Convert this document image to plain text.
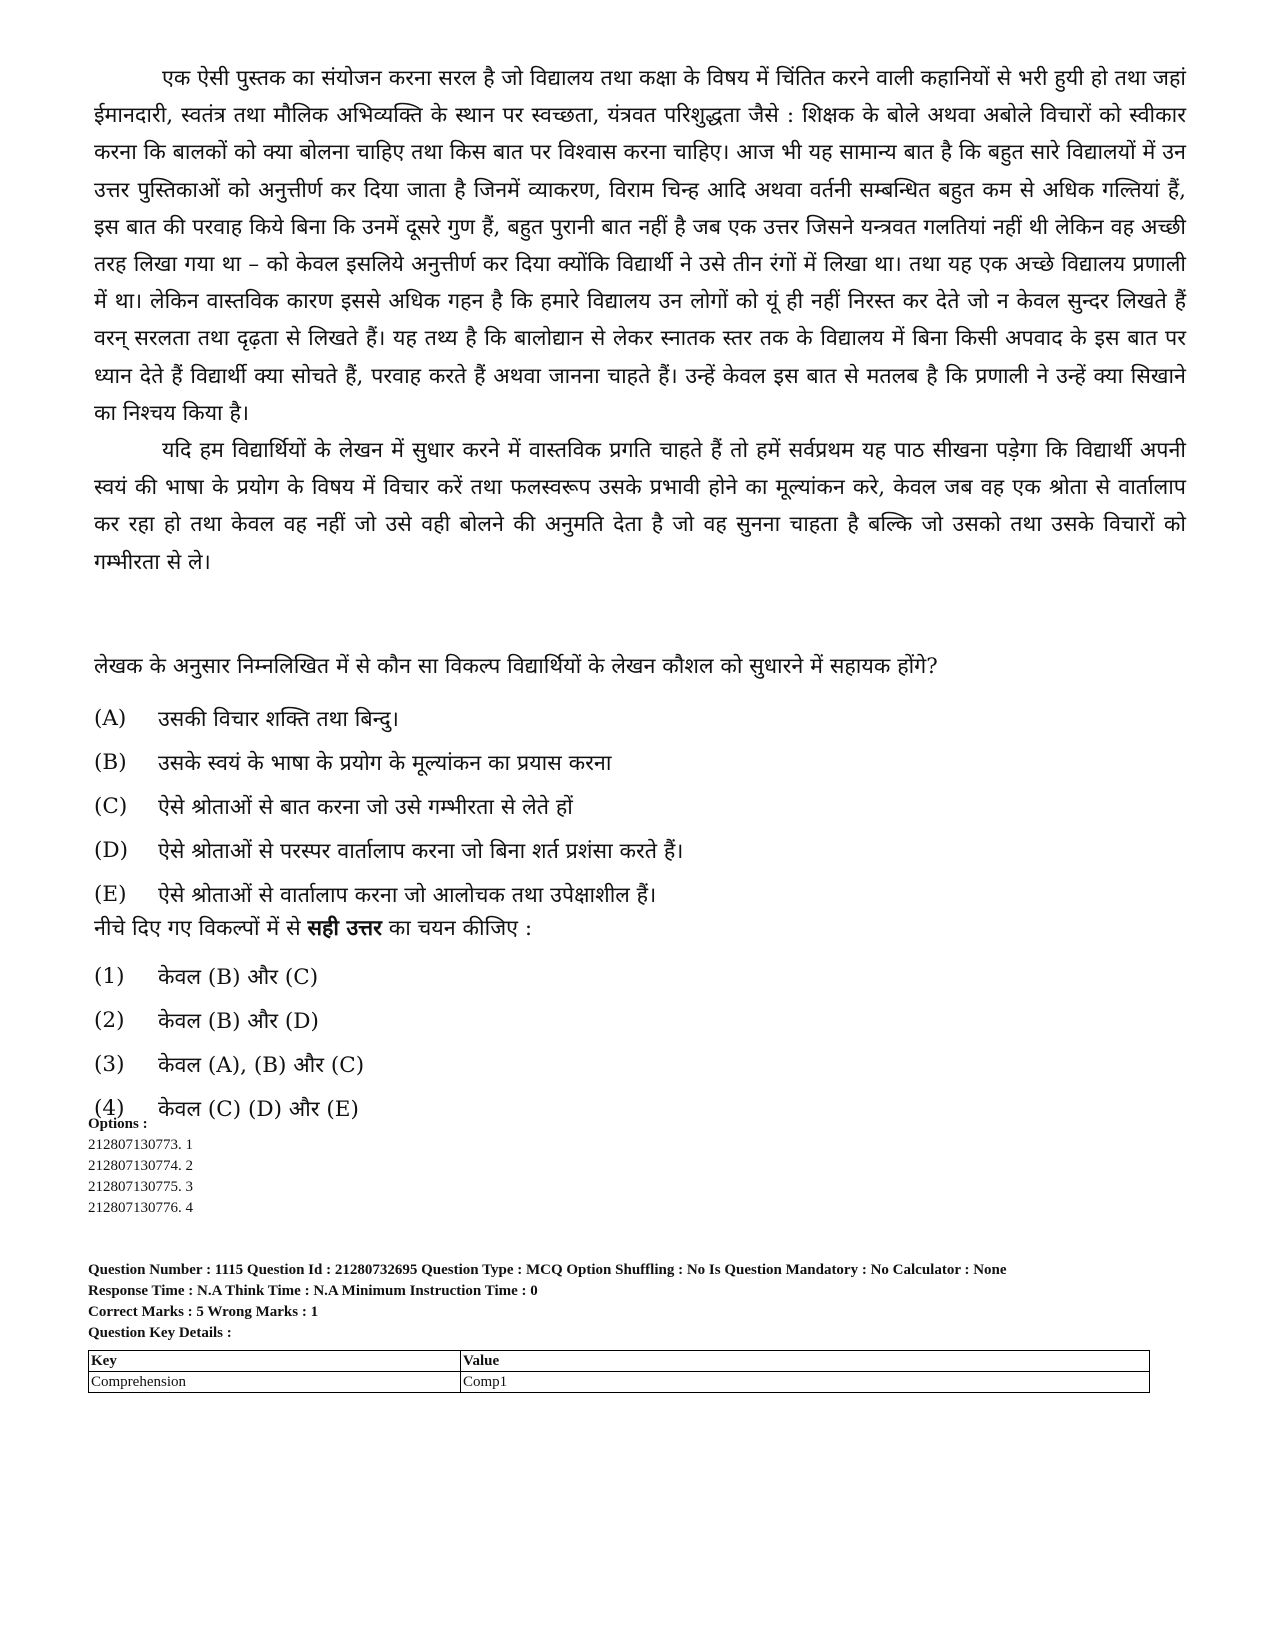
एक ऐसी पुस्तक का संयोजन करना सरल है जो विद्यालय तथा कक्षा के विषय में चिंतित करने वाली कहानियों से भरी हुयी हो तथा जहां ईमानदारी, स्वतंत्र तथा मौलिक अभिव्यक्ति के स्थान पर स्वच्छता, यंत्रवत परिशुद्धता जैसे : शिक्षक के बोले अथवा अबोले विचारों को स्वीकार करना कि बालकों को क्या बोलना चाहिए तथा किस बात पर विश्वास करना चाहिए। आज भी यह सामान्य बात है कि बहुत सारे विद्यालयों में उन उत्तर पुस्तिकाओं को अनुत्तीर्ण कर दिया जाता है जिनमें व्याकरण, विराम चिन्ह आदि अथवा वर्तनी सम्बन्धित बहुत कम से अधिक गल्तियां हैं, इस बात की परवाह किये बिना कि उनमें दूसरे गुण हैं, बहुत पुरानी बात नहीं है जब एक उत्तर जिसने यन्त्रवत गलतियां नहीं थी लेकिन वह अच्छी तरह लिखा गया था – को केवल इसलिये अनुत्तीर्ण कर दिया क्योंकि विद्यार्थी ने उसे तीन रंगों में लिखा था। तथा यह एक अच्छे विद्यालय प्रणाली में था। लेकिन वास्तविक कारण इससे अधिक गहन है कि हमारे विद्यालय उन लोगों को यूं ही नहीं निरस्त कर देते जो न केवल सुन्दर लिखते हैं वरन् सरलता तथा दृढ़ता से लिखते हैं। यह तथ्य है कि बालोद्यान से लेकर स्नातक स्तर तक के विद्यालय में बिना किसी अपवाद के इस बात पर ध्यान देते हैं विद्यार्थी क्या सोचते हैं, परवाह करते हैं अथवा जानना चाहते हैं। उन्हें केवल इस बात से मतलब है कि प्रणाली ने उन्हें क्या सिखाने का निश्चय किया है।

यदि हम विद्यार्थियों के लेखन में सुधार करने में वास्तविक प्रगति चाहते हैं तो हमें सर्वप्रथम यह पाठ सीखना पड़ेगा कि विद्यार्थी अपनी स्वयं की भाषा के प्रयोग के विषय में विचार करें तथा फलस्वरूप उसके प्रभावी होने का मूल्यांकन करे, केवल जब वह एक श्रोता से वार्तालाप कर रहा हो तथा केवल वह नहीं जो उसे वही बोलने की अनुमति देता है जो वह सुनना चाहता है बल्कि जो उसको तथा उसके विचारों को गम्भीरता से ले।

लेखक के अनुसार निम्नलिखित में से कौन सा विकल्प विद्यार्थियों के लेखन कौशल को सुधारने में सहायक होंगे?

(A)	उसकी विचार शक्ति तथा बिन्दु।
(B)	उसके स्वयं के भाषा के प्रयोग के मूल्यांकन का प्रयास करना
(C)	ऐसे श्रोताओं से बात करना जो उसे गम्भीरता से लेते हों
(D)	ऐसे श्रोताओं से परस्पर वार्तालाप करना जो बिना शर्त प्रशंसा करते हैं।
(E)	ऐसे श्रोताओं से वार्तालाप करना जो आलोचक तथा उपेक्षाशील हैं।

नीचे दिए गए विकल्पों में से सही उत्तर का चयन कीजिए :

(1)	केवल (B) और (C)
(2)	केवल (B) और (D)
(3)	केवल (A), (B) और (C)
(4)	केवल (C) (D) और (E)
Options :
212807130773. 1
212807130774. 2
212807130775. 3
212807130776. 4
Question Number : 1115 Question Id : 21280732695 Question Type : MCQ Option Shuffling : No Is Question Mandatory : No Calculator : None
Response Time : N.A Think Time : N.A Minimum Instruction Time : 0
Correct Marks : 5 Wrong Marks : 1
Question Key Details :
Key	Value
Comprehension	Comp1
